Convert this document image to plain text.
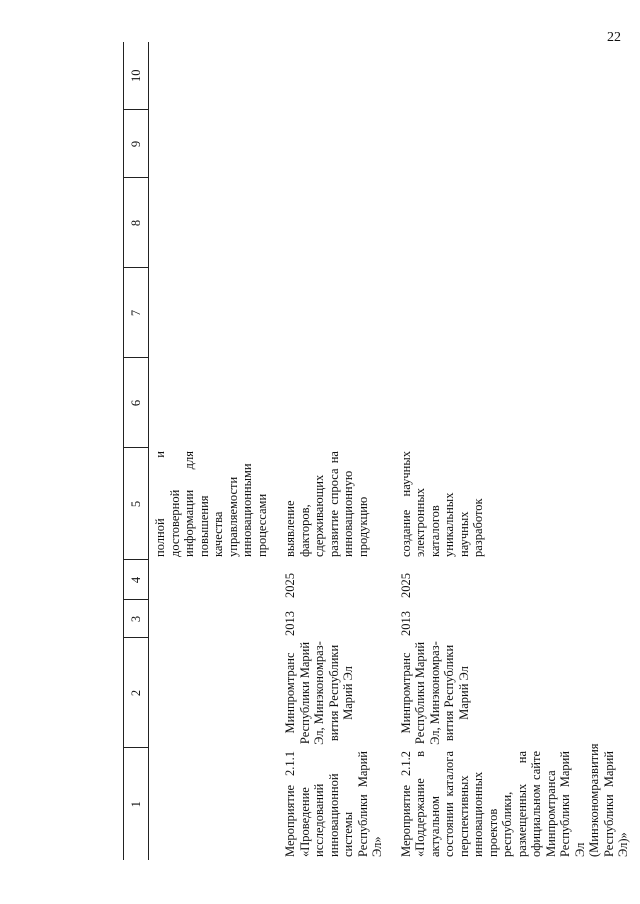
22
1	2	3	4	5	6	7	8	9	10
				полной и достоверной информации для повышения качества управляемости инновационными процессами					
Мероприятие 2.1.1 «Проведение исследований инновационной системы Республики Марий Эл»	Минпромтранс Республики Марий Эл, Минэкономраз-вития Республики Марий Эл	2013	2025	выявление факторов, сдерживающих развитие спроса на инновационную продукцию					
Мероприятие 2.1.2 «Поддержание в актуальном состоянии каталога перспективных инновационных проектов республики, размещенных на официальном сайте Минпромтранса Республики Марий Эл (Минэкономразвития Республики Марий Эл)»	Минпромтранс Республики Марий Эл, Минэкономраз-вития Республики Марий Эл	2013	2025	создание научных электронных каталогов уникальных научных разработок					
